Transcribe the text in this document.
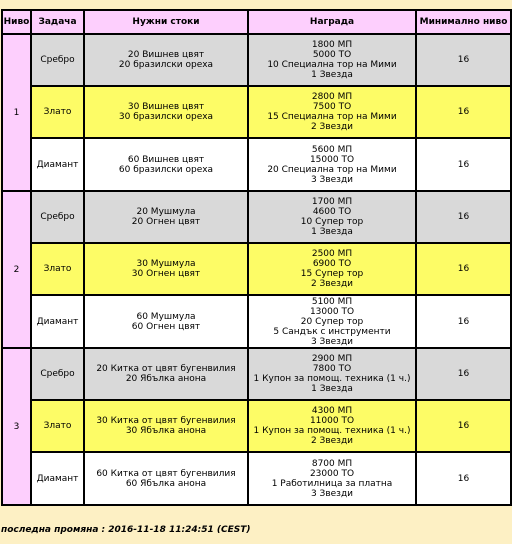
Ниво	Задача	Нужни стоки	Награда	Минимално ниво
1	Сребро	20 Вишнев цвят
20 бразилски ореха	1800 МП
5000 ТО
10 Специална тор на Мими
1 Звезда	16
	Злато	30 Вишнев цвят
30 бразилски ореха	2800 МП
7500 ТО
15 Специална тор на Мими
2 Звезди	16
	Диамант	60 Вишнев цвят
60 бразилски ореха	5600 МП
15000 ТО
20 Специална тор на Мими
3 Звезди	16
2	Сребро	20 Мушмула
20 Огнен цвят	1700 МП
4600 ТО
10 Супер тор
1 Звезда	16
	Злато	30 Мушмула
30 Огнен цвят	2500 МП
6900 ТО
15 Супер тор
2 Звезди	16
	Диамант	60 Мушмула
60 Огнен цвят	5100 МП
13000 ТО
20 Супер тор
5 Сандък с инструменти
3 Звезди	16
3	Сребро	20 Китка от цвят бугенвилия
20 Ябълка анона	2900 МП
7800 ТО
1 Купон за помощ. техника (1 ч.)
1 Звезда	16
	Злато	30 Китка от цвят бугенвилия
30 Ябълка анона	4300 МП
11000 ТО
1 Купон за помощ. техника (1 ч.)
2 Звезди	16
	Диамант	60 Китка от цвят бугенвилия
60 Ябълка анона	8700 МП
23000 ТО
1 Работилница за платна
3 Звезди	16
последна промяна : 2016-11-18 11:24:51 (CEST)
